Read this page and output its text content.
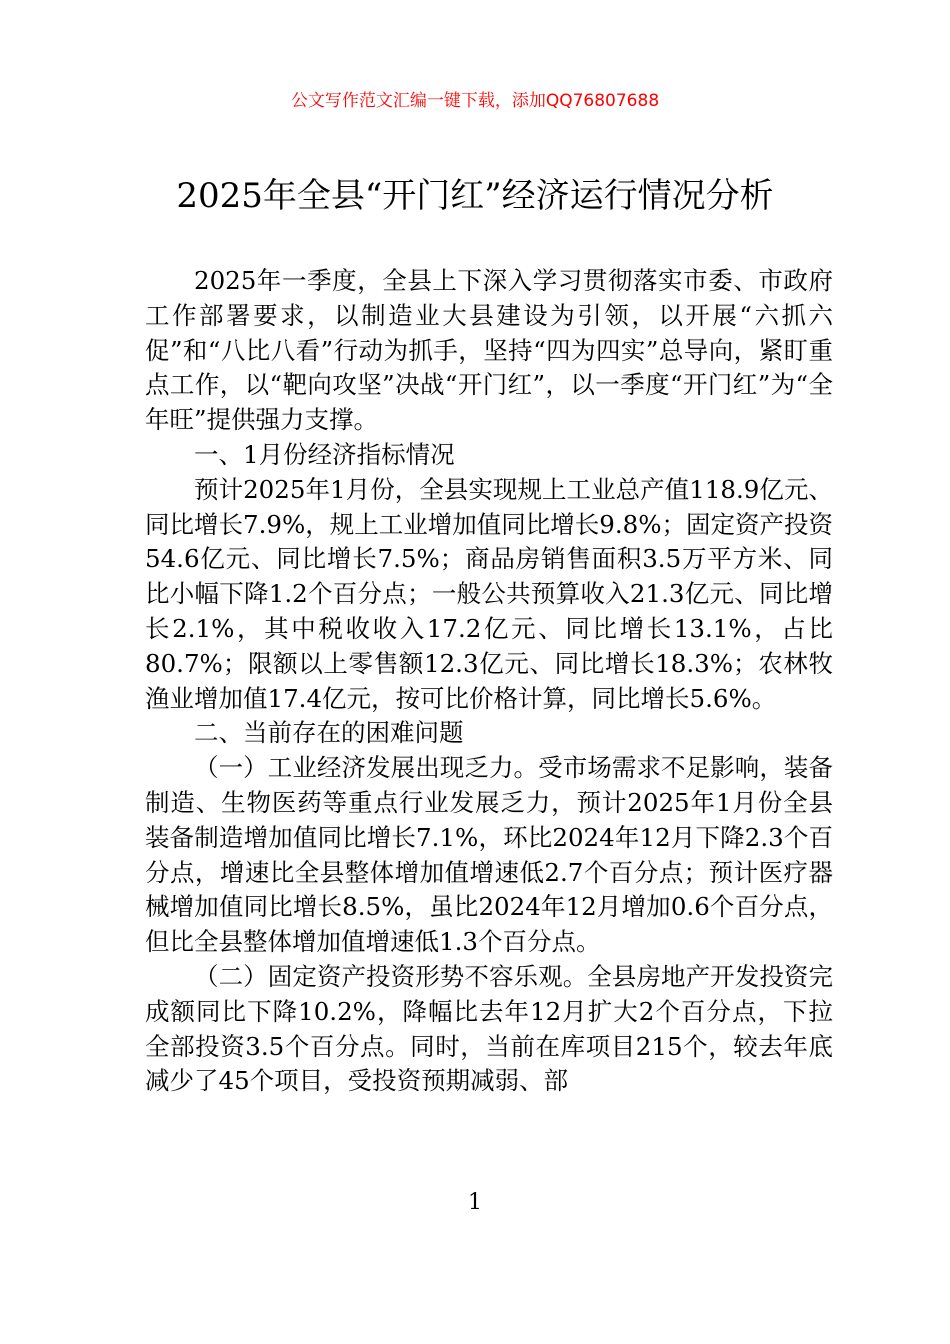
公文写作范文汇编一键下载，添加QQ76807688
2025年全县“开门红”经济运行情况分析

2025年一季度，全县上下深入学习贯彻落实市委、市政府工作部署要求，以制造业大县建设为引领，以开展“六抓六促”和“八比八看”行动为抓手，坚持“四为四实”总导向，紧盯重点工作，以“靶向攻坚”决战“开门红”，以一季度“开门红”为“全年旺”提供强力支撑。

一、1月份经济指标情况

预计2025年1月份，全县实现规上工业总产值118.9亿元、同比增长7.9%，规上工业增加值同比增长9.8%；固定资产投资54.6亿元、同比增长7.5%；商品房销售面积3.5万平方米、同比小幅下降1.2个百分点；一般公共预算收入21.3亿元、同比增长2.1%，其中税收收入17.2亿元、同比增长13.1%，占比80.7%；限额以上零售额12.3亿元、同比增长18.3%；农林牧渔业增加值17.4亿元，按可比价格计算，同比增长5.6%。

二、当前存在的困难问题

（一）工业经济发展出现乏力。受市场需求不足影响，装备制造、生物医药等重点行业发展乏力，预计2025年1月份全县装备制造增加值同比增长7.1%，环比2024年12月下降2.3个百分点，增速比全县整体增加值增速低2.7个百分点；预计医疗器械增加值同比增长8.5%，虽比2024年12月增加0.6个百分点，但比全县整体增加值增速低1.3个百分点。

（二）固定资产投资形势不容乐观。全县房地产开发投资完成额同比下降10.2%，降幅比去年12月扩大2个百分点，下拉全部投资3.5个百分点。同时，当前在库项目215个，较去年底减少了45个项目，受投资预期减弱、部

1
